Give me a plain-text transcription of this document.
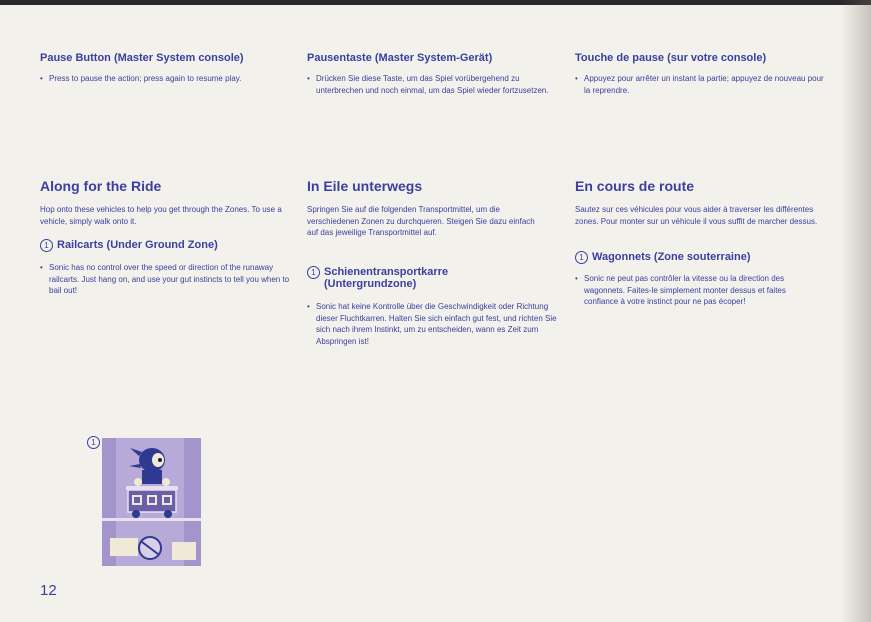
Pause Button (Master System console)

• Press to pause the action; press again to resume play.

Along for the Ride

Hop onto these vehicles to help you get through the Zones. To use a vehicle, simply walk onto it.

1 Railcarts (Under Ground Zone)

• Sonic has no control over the speed or direction of the runaway railcarts. Just hang on, and use your gut instincts to tell you when to bail out!

Pausentaste (Master System-Gerät)

• Drücken Sie diese Taste, um das Spiel vorübergehend zu unterbrechen und noch einmal, um das Spiel wieder fortzusetzen.

In Eile unterwegs

Springen Sie auf die folgenden Transportmittel, um die verschiedenen Zonen zu durchqueren. Steigen Sie dazu einfach auf das jeweilige Transportmittel auf.

1 Schienentransportkarre (Untergrundzone)

• Sonic hat keine Kontrolle über die Geschwindigkeit oder Richtung dieser Fluchtkarren. Halten Sie sich einfach gut fest, und richten Sie sich nach ihrem Instinkt, um zu entscheiden, wann es Zeit zum Abspringen ist!

Touche de pause (sur votre console)

• Appuyez pour arrêter un instant la partie; appuyez de nouveau pour la reprendre.

En cours de route

Sautez sur ces véhicules pour vous aider à traverser les différentes zones. Pour monter sur un véhicule il vous suffit de marcher dessus.

1 Wagonnets (Zone souterraine)

• Sonic ne peut pas contrôler la vitesse ou la direction des wagonnets. Faites-le simplement monter dessus et faites confiance à votre instinct pour ne pas écoper!

1
12
